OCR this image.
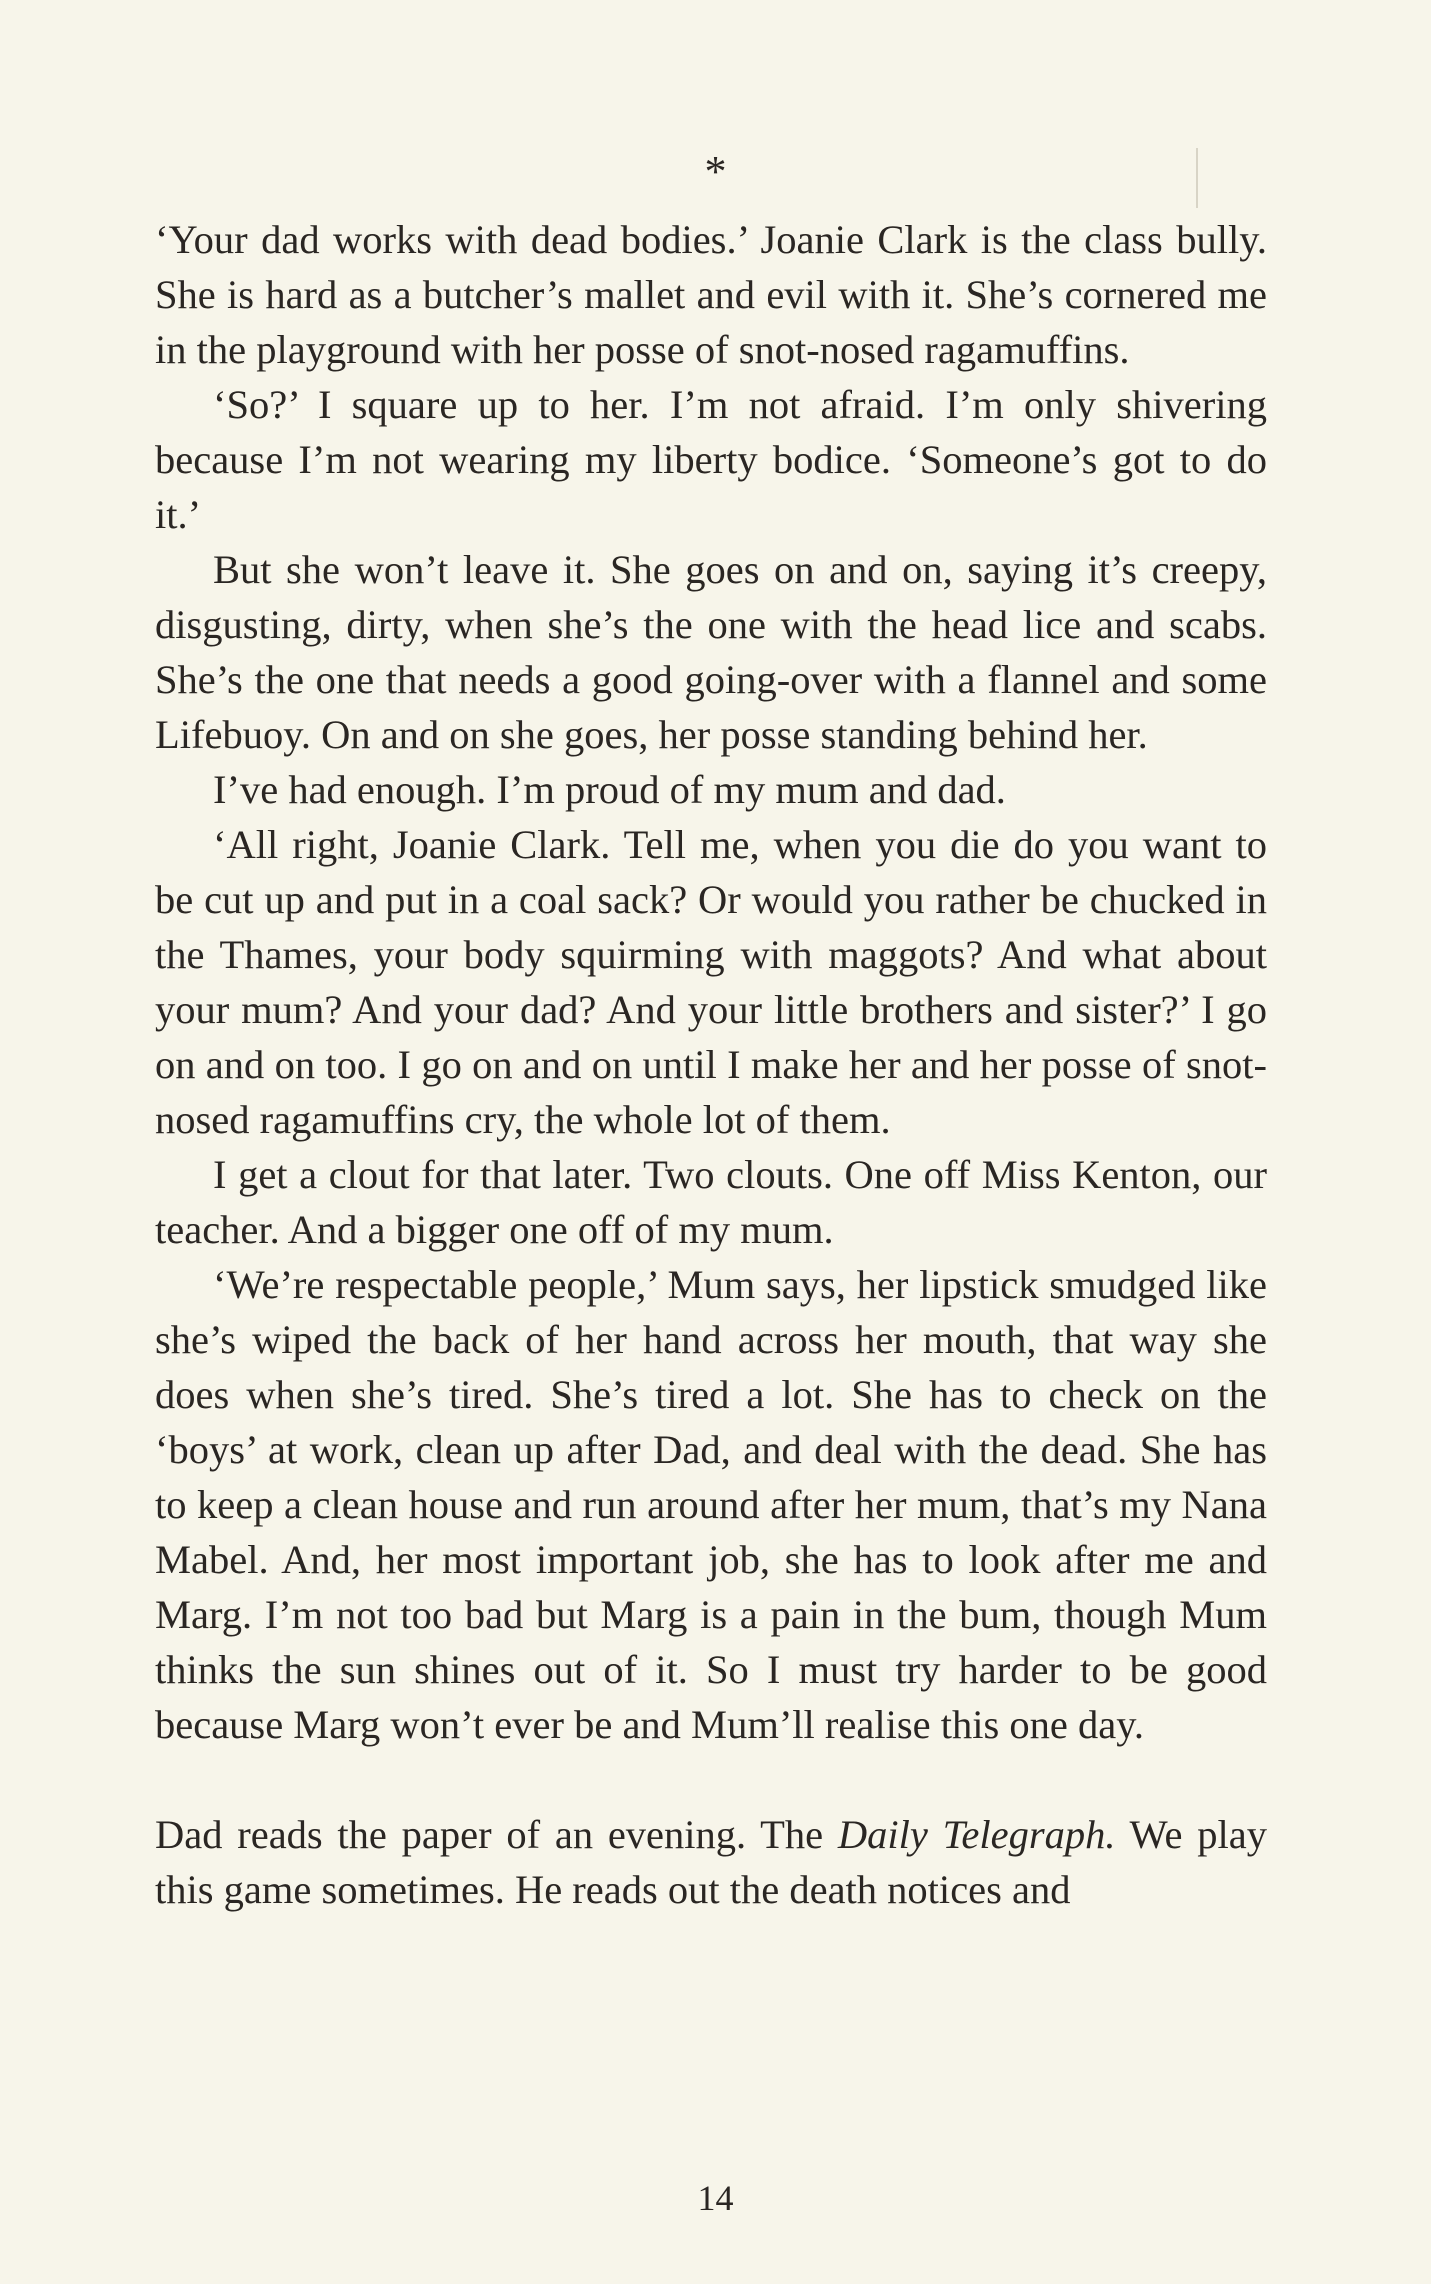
*

‘Your dad works with dead bodies.’ Joanie Clark is the class bully. She is hard as a butcher’s mallet and evil with it. She’s cornered me in the playground with her posse of snot-nosed ragamuffins.

‘So?’ I square up to her. I’m not afraid. I’m only shivering because I’m not wearing my liberty bodice. ‘Someone’s got to do it.’

But she won’t leave it. She goes on and on, saying it’s creepy, disgusting, dirty, when she’s the one with the head lice and scabs. She’s the one that needs a good going-over with a flannel and some Lifebuoy. On and on she goes, her posse standing behind her.

I’ve had enough. I’m proud of my mum and dad.

‘All right, Joanie Clark. Tell me, when you die do you want to be cut up and put in a coal sack? Or would you rather be chucked in the Thames, your body squirming with maggots? And what about your mum? And your dad? And your little brothers and sister?’ I go on and on too. I go on and on until I make her and her posse of snot-nosed ragamuffins cry, the whole lot of them.

I get a clout for that later. Two clouts. One off Miss Kenton, our teacher. And a bigger one off of my mum.

‘We’re respectable people,’ Mum says, her lipstick smudged like she’s wiped the back of her hand across her mouth, that way she does when she’s tired. She’s tired a lot. She has to check on the ‘boys’ at work, clean up after Dad, and deal with the dead. She has to keep a clean house and run around after her mum, that’s my Nana Mabel. And, her most important job, she has to look after me and Marg. I’m not too bad but Marg is a pain in the bum, though Mum thinks the sun shines out of it. So I must try harder to be good because Marg won’t ever be and Mum’ll realise this one day.

Dad reads the paper of an evening. The Daily Telegraph. We play this game sometimes. He reads out the death notices and

14
